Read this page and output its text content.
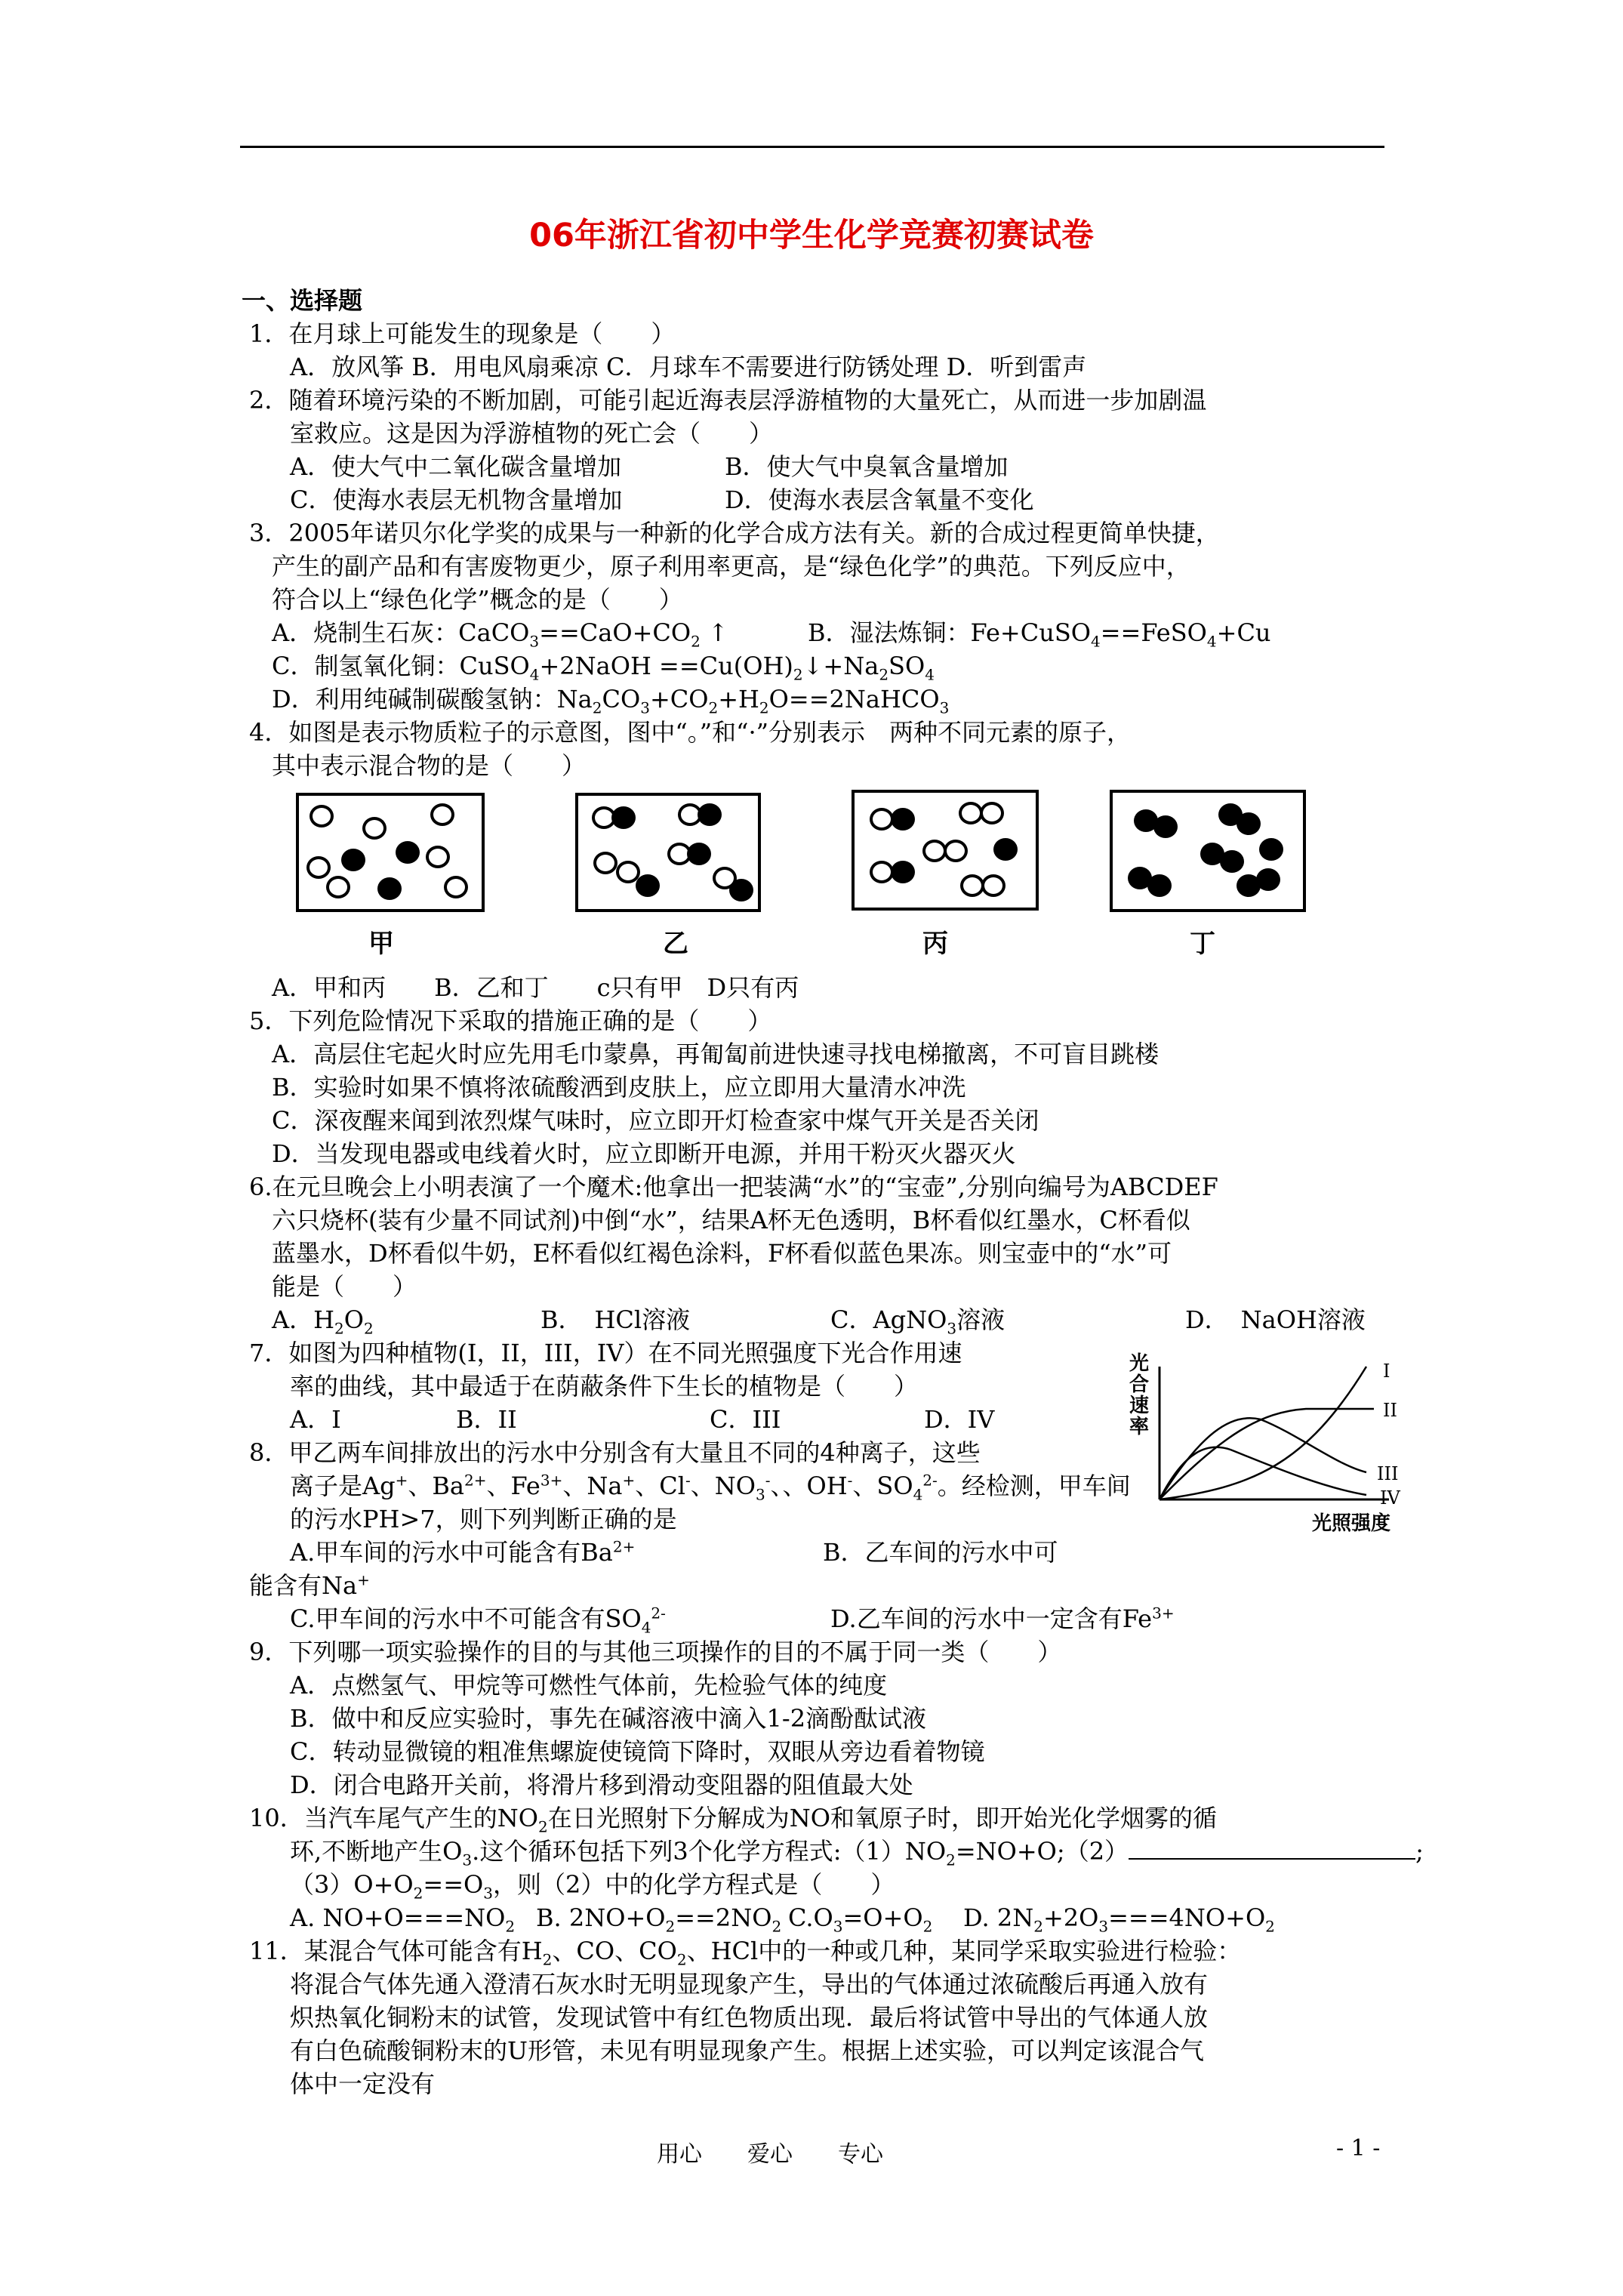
06年浙江省初中学生化学竞赛初赛试卷
一、选择题
1．在月球上可能发生的现象是（　　）
A．放风筝 B．用电风扇乘凉 C．月球车不需要进行防锈处理 D．听到雷声
2．随着环境污染的不断加剧，可能引起近海表层浮游植物的大量死亡，从而进一步加剧温
室救应。这是因为浮游植物的死亡会（　　）
A．使大气中二氧化碳含量增加	B．使大气中臭氧含量增加
C．使海水表层无机物含量增加	D．使海水表层含氧量不变化
3．2005年诺贝尔化学奖的成果与一种新的化学合成方法有关。新的合成过程更简单快捷，
产生的副产品和有害废物更少，原子利用率更高，是“绿色化学”的典范。下列反应中，
符合以上“绿色化学”概念的是（　　）
A．烧制生石灰：$CaCO_3==CaO+CO_2$ ↑	B．湿法炼铜：Fe+CuSO$_4$==FeSO$_4$+Cu
C．制氢氧化铜：CuSO$_4$+2NaOH $==Cu(OH)_2↓+Na_2SO_4$
D．利用纯碱制碳酸氢钠：$Na_2CO_3+CO_2+H_2O==2NaHCO_3$
4．如图是表示物质粒子的示意图，图中“。”和“·”分别表示　两种不同元素的原子，
其中表示混合物的是（　　）
甲	乙	丙	丁
A．甲和丙　　B．乙和丁　　c只有甲　D只有丙
5．下列危险情况下采取的措施正确的是（　　）
A．高层住宅起火时应先用毛巾蒙鼻，再匍匐前进快速寻找电梯撤离，不可盲目跳楼
B．实验时如果不慎将浓硫酸洒到皮肤上，应立即用大量清水冲洗
C．深夜醒来闻到浓烈煤气味时，应立即开灯检查家中煤气开关是否关闭
D．当发现电器或电线着火时，应立即断开电源，并用干粉灭火器灭火
6.在元旦晚会上小明表演了一个魔术:他拿出一把装满“水”的“宝壶”,分别向编号为ABCDEF
六只烧杯(装有少量不同试剂)中倒“水”，结果A杯无色透明，B杯看似红墨水，C杯看似
蓝墨水，D杯看似牛奶，E杯看似红褐色涂料，F杯看似蓝色果冻。则宝壶中的“水”可
能是（　　）
A．$H_2O_2$	B．　HCl溶液	C．AgNO$_3$溶液	D．　NaOH溶液
7．如图为四种植物(I，II，III，IV）在不同光照强度下光合作用速
率的曲线，其中最适于在荫蔽条件下生长的植物是（　　）
A．I	B．II	C．III	D．IV
光
合
速
率
I
II
III
IV
光照强度
8．甲乙两车间排放出的污水中分别含有大量且不同的4种离子，这些
离子是Ag+、$Ba^{2+}$、$Fe^{3+}$、Na+、Cl-、$NO_3^-$、、OH-、$SO_4^{2-}$。经检测，甲车间
的污水PH>7，则下列判断正确的是
A.甲车间的污水中可能含有$Ba^{2+}$	B．乙车间的污水中可
能含有Na+
C.甲车间的污水中不可能含有$SO_4^{2-}$	D.乙车间的污水中一定含有$Fe^{3+}$
9．下列哪一项实验操作的目的与其他三项操作的目的不属于同一类（　　）
A．点燃氢气、甲烷等可燃性气体前，先检验气体的纯度
B．做中和反应实验时，事先在碱溶液中滴入1-2滴酚酞试液
C．转动显微镜的粗准焦螺旋使镜筒下降时，双眼从旁边看着物镜
D．闭合电路开关前，将滑片移到滑动变阻器的阻值最大处
10．当汽车尾气产生的$NO_2$在日光照射下分解成为NO和氧原子时，即开始光化学烟雾的循
环,不断地产生$O_3$.这个循环包括下列3个化学方程式$:(1)NO_2=NO+O;(2)$	;
$(3)O+O_2==O_3$，则（2）中的化学方程式是（　　）
A. $NO+O===NO_2$ B. $2NO+O_2==2NO_2$ $C.O_3=O+O_2$ D. $2N_2+2O_3===4NO+O_2$
11．某混合气体可能含有$H_2$、CO、$CO_2$、HCl中的一种或几种，某同学采取实验进行检验：
将混合气体先通入澄清石灰水时无明显现象产生，导出的气体通过浓硫酸后再通入放有
炽热氧化铜粉末的试管，发现试管中有红色物质出现．最后将试管中导出的气体通人放
有白色硫酸铜粉末的U形管，未见有明显现象产生。根据上述实验，可以判定该混合气
体中一定没有
用心　　爱心　　专心	- 1 -
